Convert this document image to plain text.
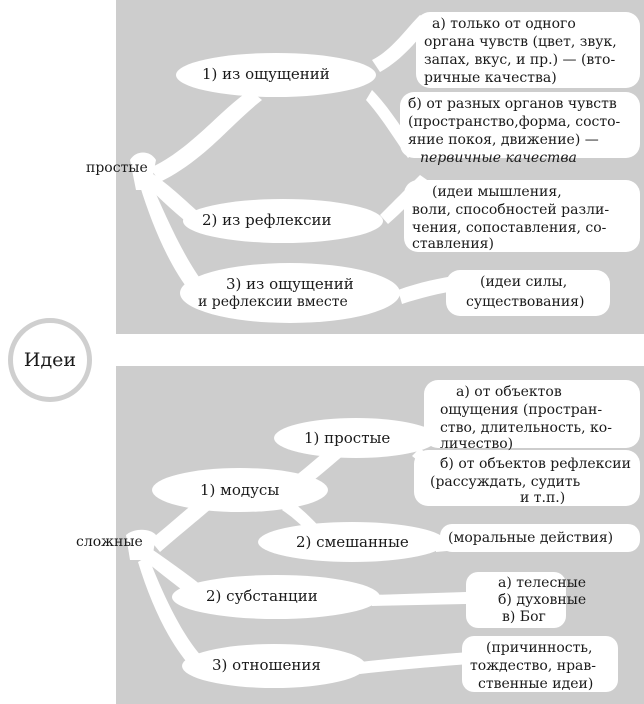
Идеи
простые
1) из ощущений
а) только от одного
органа чувств (цвет, звук,
запах, вкус, и пр.) — (вто-
ричные качества)
б) от разных органов чувств
(пространство,форма, состо-
яние покоя, движение) —
первичные качества
2) из рефлексии
(идеи мышления,
воли, способностей разли-
чения, сопоставления, со-
ставления)
3) из ощущений
и рефлексии вместе
(идеи силы,
существования)
сложные
1) модусы
1) простые
а) от объектов
ощущения (простран-
ство, длительность, ко-
личество)
б) от объектов рефлексии
(рассуждать, судить
и т.п.)
2) смешанные	(моральные действия)
2) субстанции
а) телесные
б) духовные
в) Бог
3) отношения
(причинность,
тождество, нрав-
ственные идеи)
